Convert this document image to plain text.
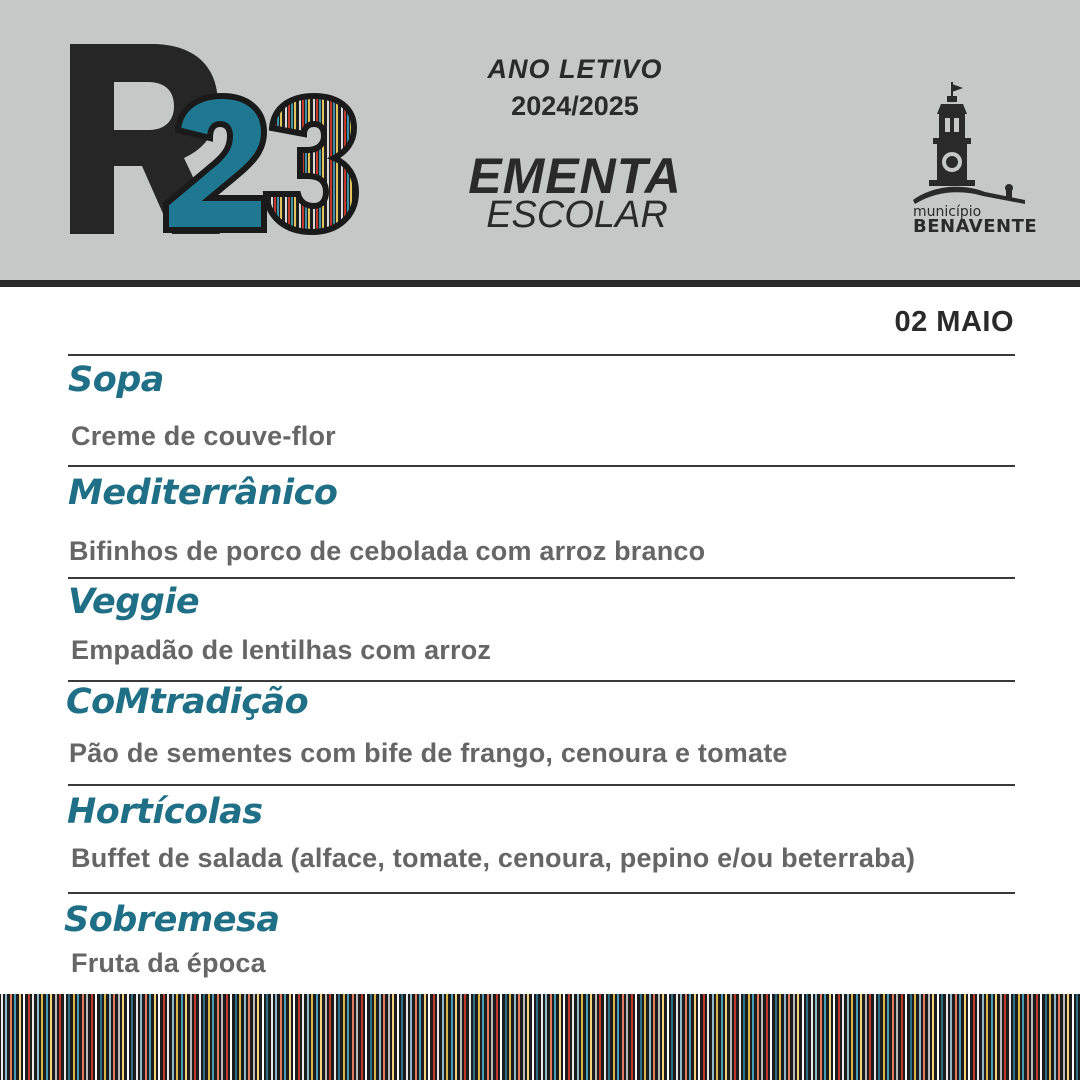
ANO LETIVO
2024/2025
EMENTA
ESCOLAR	município
BENAVENTE
02 MAIO
Sopa
Creme de couve-flor
Mediterrânico
Bifinhos de porco de cebolada com arroz branco
Veggie
Empadão de lentilhas com arroz
CoMtradição
Pão de sementes com bife de frango, cenoura e tomate
Hortícolas
Buffet de salada (alface, tomate, cenoura, pepino e/ou beterraba)
Sobremesa
Fruta da época
